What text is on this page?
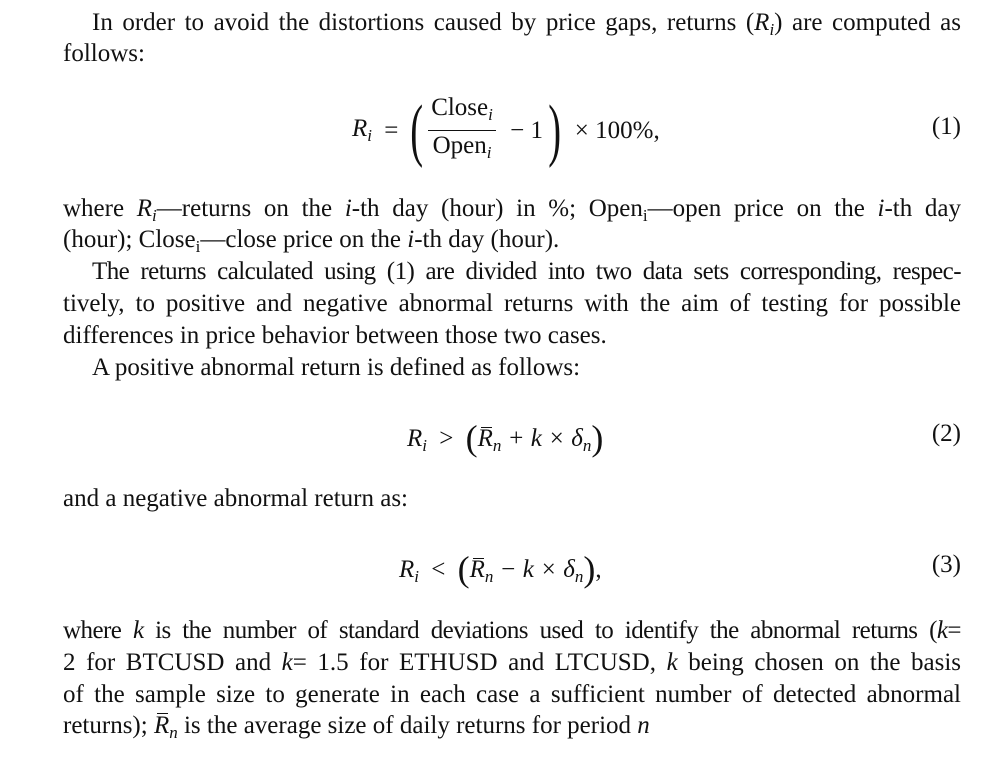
In order to avoid the distortions caused by price gaps, returns $(R_i)$ are computed as
follows:
$R_i$ = ( $\frac{Close_i}{Open_i} - 1$ ) × 100%,	(1)
where $R_i—returns$ on the i-th day (hour) in %; Open$_i$—open price on the i-th day
(hour); Close$_i$—close price on the i-th day (hour).
The returns calculated using (1) are divided into two data sets corresponding, respec-
tively, to positive and negative abnormal returns with the aim of testing for possible
differences in price behavior between those two cases.
A positive abnormal return is defined as follows:
$R_i > (R_n + k \times \delta_n)$	(2)
and a negative abnormal return as:
$R_i < (R_n - k \times \delta_n)$,	(3)
where k is the number of standard deviations used to identify the abnormal returns (k=
2 for BTCUSD and k= 1.5 for ETHUSD and LTCUSD, k being chosen on the basis
of the sample size to generate in each case a sufficient number of detected abnormal
returns); $R_n$ is the average size of daily returns for period n
